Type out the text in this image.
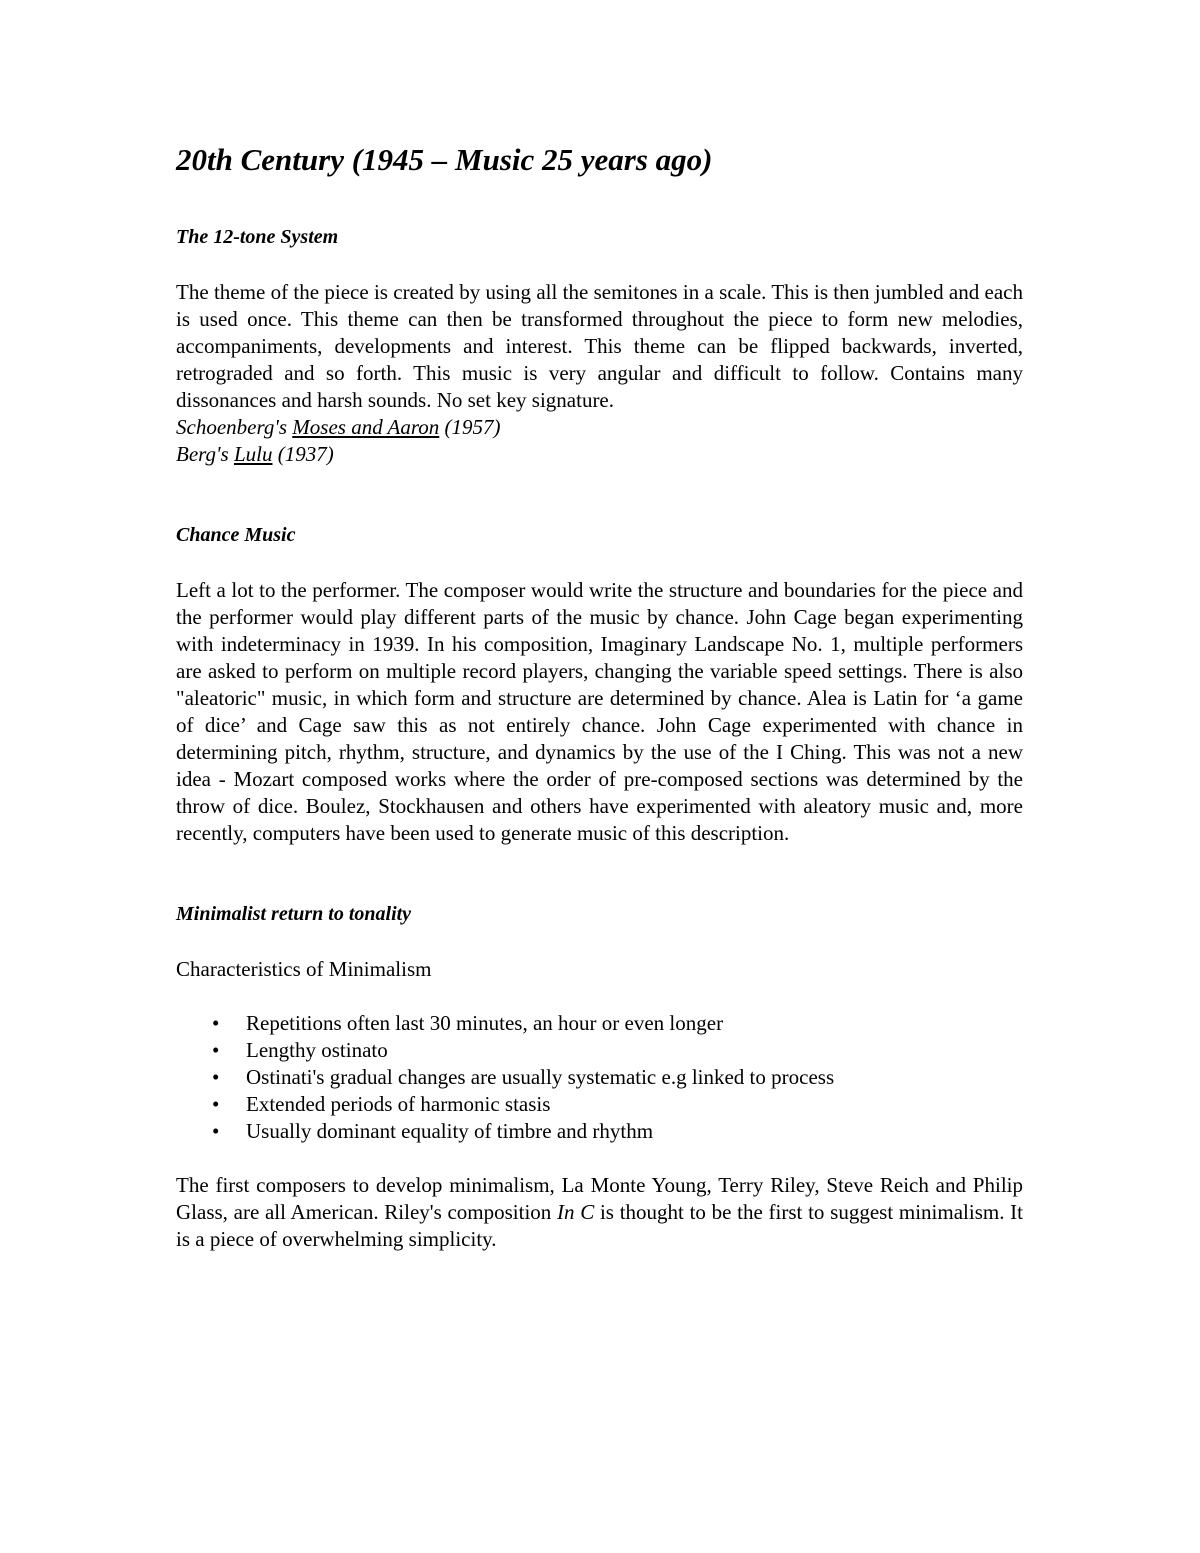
20th Century (1945 – Music 25 years ago)
The 12-tone System

The theme of the piece is created by using all the semitones in a scale. This is then jumbled and each is used once. This theme can then be transformed throughout the piece to form new melodies, accompaniments, developments and interest. This theme can be flipped backwards, inverted, retrograded and so forth. This music is very angular and difficult to follow. Contains many dissonances and harsh sounds. No set key signature.

Schoenberg's Moses and Aaron (1957)

Berg's Lulu (1937)

Chance Music

Left a lot to the performer. The composer would write the structure and boundaries for the piece and the performer would play different parts of the music by chance. John Cage began experimenting with indeterminacy in 1939. In his composition, Imaginary Landscape No. 1, multiple performers are asked to perform on multiple record players, changing the variable speed settings. There is also "aleatoric" music, in which form and structure are determined by chance. Alea is Latin for ‘a game of dice’ and Cage saw this as not entirely chance. John Cage experimented with chance in determining pitch, rhythm, structure, and dynamics by the use of the I Ching. This was not a new idea - Mozart composed works where the order of pre-composed sections was determined by the throw of dice. Boulez, Stockhausen and others have experimented with aleatory music and, more recently, computers have been used to generate music of this description.

Minimalist return to tonality

Characteristics of Minimalism

• Repetitions often last 30 minutes, an hour or even longer
• Lengthy ostinato
• Ostinati's gradual changes are usually systematic e.g linked to process
• Extended periods of harmonic stasis
• Usually dominant equality of timbre and rhythm

The first composers to develop minimalism, La Monte Young, Terry Riley, Steve Reich and Philip Glass, are all American. Riley's composition In C is thought to be the first to suggest minimalism. It is a piece of overwhelming simplicity.
